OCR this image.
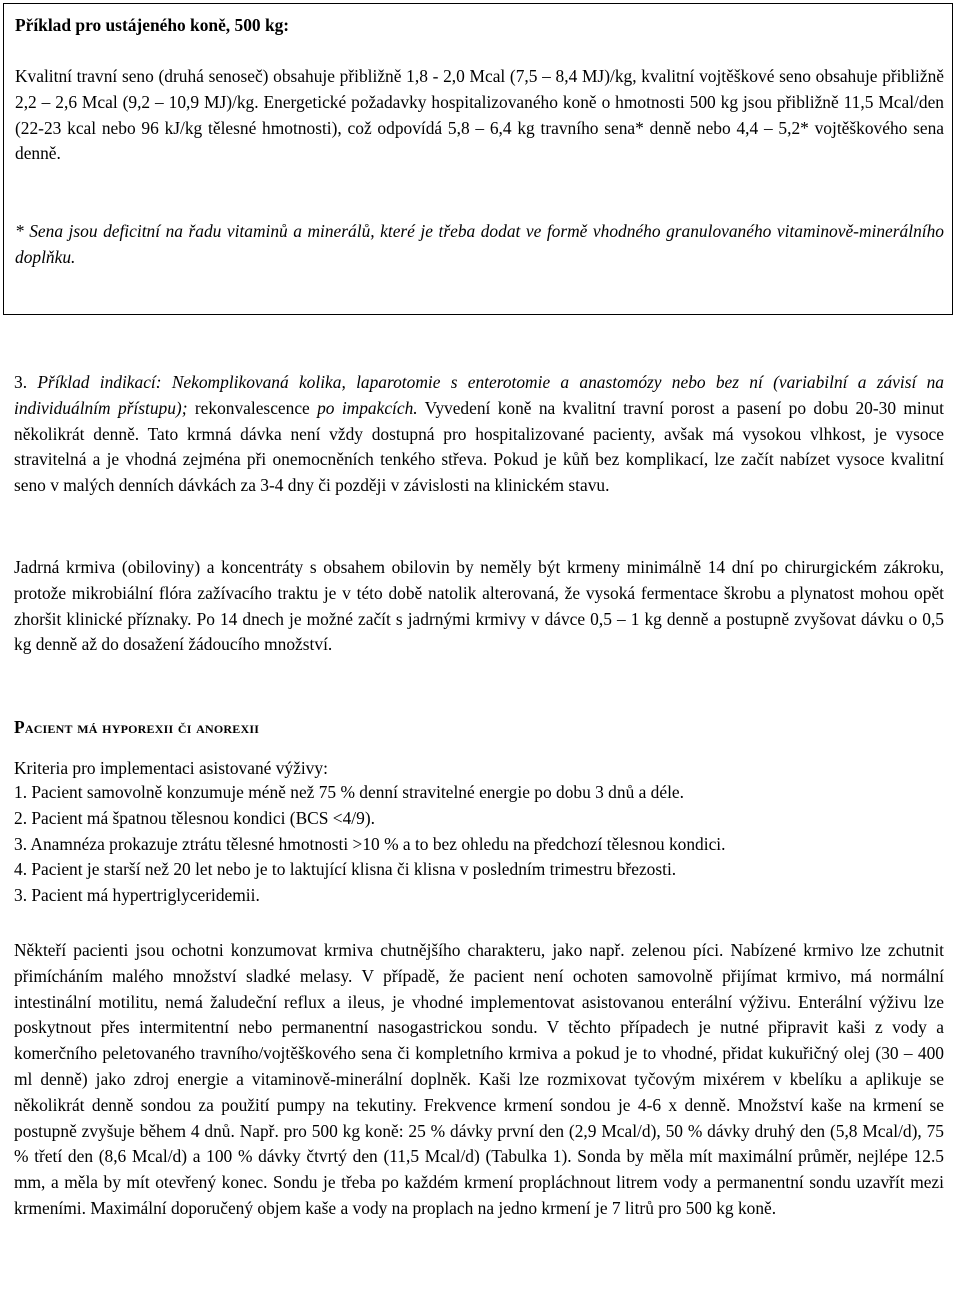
Příklad pro ustájeného koně, 500 kg:

Kvalitní travní seno (druhá senoseč) obsahuje přibližně 1,8 - 2,0 Mcal (7,5 – 8,4 MJ)/kg, kvalitní vojtěškové seno obsahuje přibližně 2,2 – 2,6 Mcal (9,2 – 10,9 MJ)/kg. Energetické požadavky hospitalizovaného koně o hmotnosti 500 kg jsou přibližně 11,5 Mcal/den (22-23 kcal nebo 96 kJ/kg tělesné hmotnosti), což odpovídá 5,8 – 6,4 kg travního sena* denně nebo 4,4 – 5,2* vojtěškového sena denně.

* Sena jsou deficitní na řadu vitaminů a minerálů, které je třeba dodat ve formě vhodného granulovaného vitaminově-minerálního doplňku.

3. Příklad indikací: Nekomplikovaná kolika, laparotomie s enterotomie a anastomózy nebo bez ní (variabilní a závisí na individuálním přístupu); rekonvalescence po impakcích. Vyvedení koně na kvalitní travní porost a pasení po dobu 20-30 minut několikrát denně. Tato krmná dávka není vždy dostupná pro hospitalizované pacienty, avšak má vysokou vlhkost, je vysoce stravitelná a je vhodná zejména při onemocněních tenkého střeva. Pokud je kůň bez komplikací, lze začít nabízet vysoce kvalitní seno v malých denních dávkách za 3-4 dny či později v závislosti na klinickém stavu.

Jadrná krmiva (obiloviny) a koncentráty s obsahem obilovin by neměly být krmeny minimálně 14 dní po chirurgickém zákroku, protože mikrobiální flóra zažívacího traktu je v této době natolik alterovaná, že vysoká fermentace škrobu a plynatost mohou opět zhoršit klinické příznaky. Po 14 dnech je možné začít s jadrnými krmivy v dávce 0,5 – 1 kg denně a postupně zvyšovat dávku o 0,5 kg denně až do dosažení žádoucího množství.

Pacient má hyporexii či anorexii

Kriteria pro implementaci asistované výživy:

1. Pacient samovolně konzumuje méně než 75 % denní stravitelné energie po dobu 3 dnů a déle.
2. Pacient má špatnou tělesnou kondici (BCS <4/9).
3. Anamnéza prokazuje ztrátu tělesné hmotnosti >10 % a to bez ohledu na předchozí tělesnou kondici.
4. Pacient je starší než 20 let nebo je to laktující klisna či klisna v posledním trimestru březosti.
3. Pacient má hypertriglyceridemii.

Někteří pacienti jsou ochotni konzumovat krmiva chutnějšího charakteru, jako např. zelenou píci. Nabízené krmivo lze zchutnit přimícháním malého množství sladké melasy. V případě, že pacient není ochoten samovolně přijímat krmivo, má normální intestinální motilitu, nemá žaludeční reflux a ileus, je vhodné implementovat asistovanou enterální výživu. Enterální výživu lze poskytnout přes intermitentní nebo permanentní nasogastrickou sondu. V těchto případech je nutné připravit kaši z vody a komerčního peletovaného travního/vojtěškového sena či kompletního krmiva a pokud je to vhodné, přidat kukuřičný olej (30 – 400 ml denně) jako zdroj energie a vitaminově-minerální doplněk. Kaši lze rozmixovat tyčovým mixérem v kbelíku a aplikuje se několikrát denně sondou za použití pumpy na tekutiny. Frekvence krmení sondou je 4-6 x denně. Množství kaše na krmení se postupně zvyšuje během 4 dnů. Např. pro 500 kg koně: 25 % dávky první den (2,9 Mcal/d), 50 % dávky druhý den (5,8 Mcal/d), 75 % třetí den (8,6 Mcal/d) a 100 % dávky čtvrtý den (11,5 Mcal/d) (Tabulka 1). Sonda by měla mít maximální průměr, nejlépe 12.5 mm, a měla by mít otevřený konec. Sondu je třeba po každém krmení propláchnout litrem vody a permanentní sondu uzavřít mezi krmeními. Maximální doporučený objem kaše a vody na proplach na jedno krmení je 7 litrů pro 500 kg koně.
